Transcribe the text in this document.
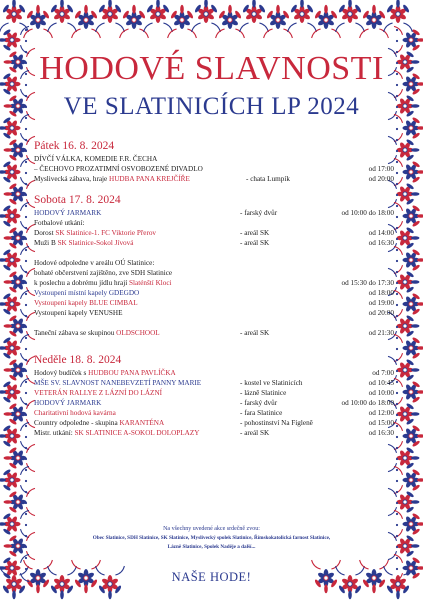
HODOVÉ SLAVNOSTI
VE SLATINICÍCH LP 2024
Pátek 16. 8. 2024
DÍVČÍ VÁLKA, KOMEDIE F.R. ČECHA
– ČECHOVO PROZATIMNÍ OSVOBOZENÉ DIVADLO	od 17:00
Myslivecká zábava, hraje HUDBA PANA KREJČÍŘE	- chata Lumpík	od 20:00
Sobota 17. 8. 2024
HODOVÝ JARMARK	- farský dvůr	od 10:00 do 18:00
Fotbalové utkání:
Dorost SK Slatinice-1. FC Viktorie Přerov	- areál SK	od 14:00
Muži B SK Slatinice-Sokol Jívová	- areál SK	od 16:30
Hodové odpoledne v areálu OÚ Slatinice:
bohaté občerstvení zajištěno, zve SDH Slatinice
k poslechu a dobrému jídlu hrají Slaténští Kloci	od 15:30 do 17:30
Vystoupení místní kapely GDEGDO	od 18:00
Vystoupení kapely BLUE CIMBAL	od 19:00
Vystoupení kapely VENUSHE	od 20:00
Taneční zábava se skupinou OLDSCHOOL	- areál SK	od 21:30
Neděle 18. 8. 2024
Hodový budíček s HUDBOU PANA PAVLÍČKA	od 7:00
MŠE SV. SLAVNOST NANEBEVZETÍ PANNY MARIE	- kostel ve Slatinicích	od 10:45
VETERÁN RALLYE Z LÁZNÍ DO LÁZNÍ	- lázně Slatinice	od 10:00
HODOVÝ JARMARK	- farský dvůr	od 10:00 do 18:00
Charitativní hodová kavárna	- fara Slatinice	od 12:00
Country odpoledne - skupina KARANTÉNA	- pohostinství Na Fígleně	od 15:00
Mistr. utkání: SK SLATINICE A-SOKOL DOLOPLAZY	- areál SK	od 16:30
Na všechny uvedené akce srdečně zvou:
Obec Slatinice, SDH Slatinice, SK Slatinice, Myslivecký spolek Slatinice, Římskokatolická farnost Slatinice,
Lázně Slatinice, Spolek Naděje a další...
NAŠE HODE!
